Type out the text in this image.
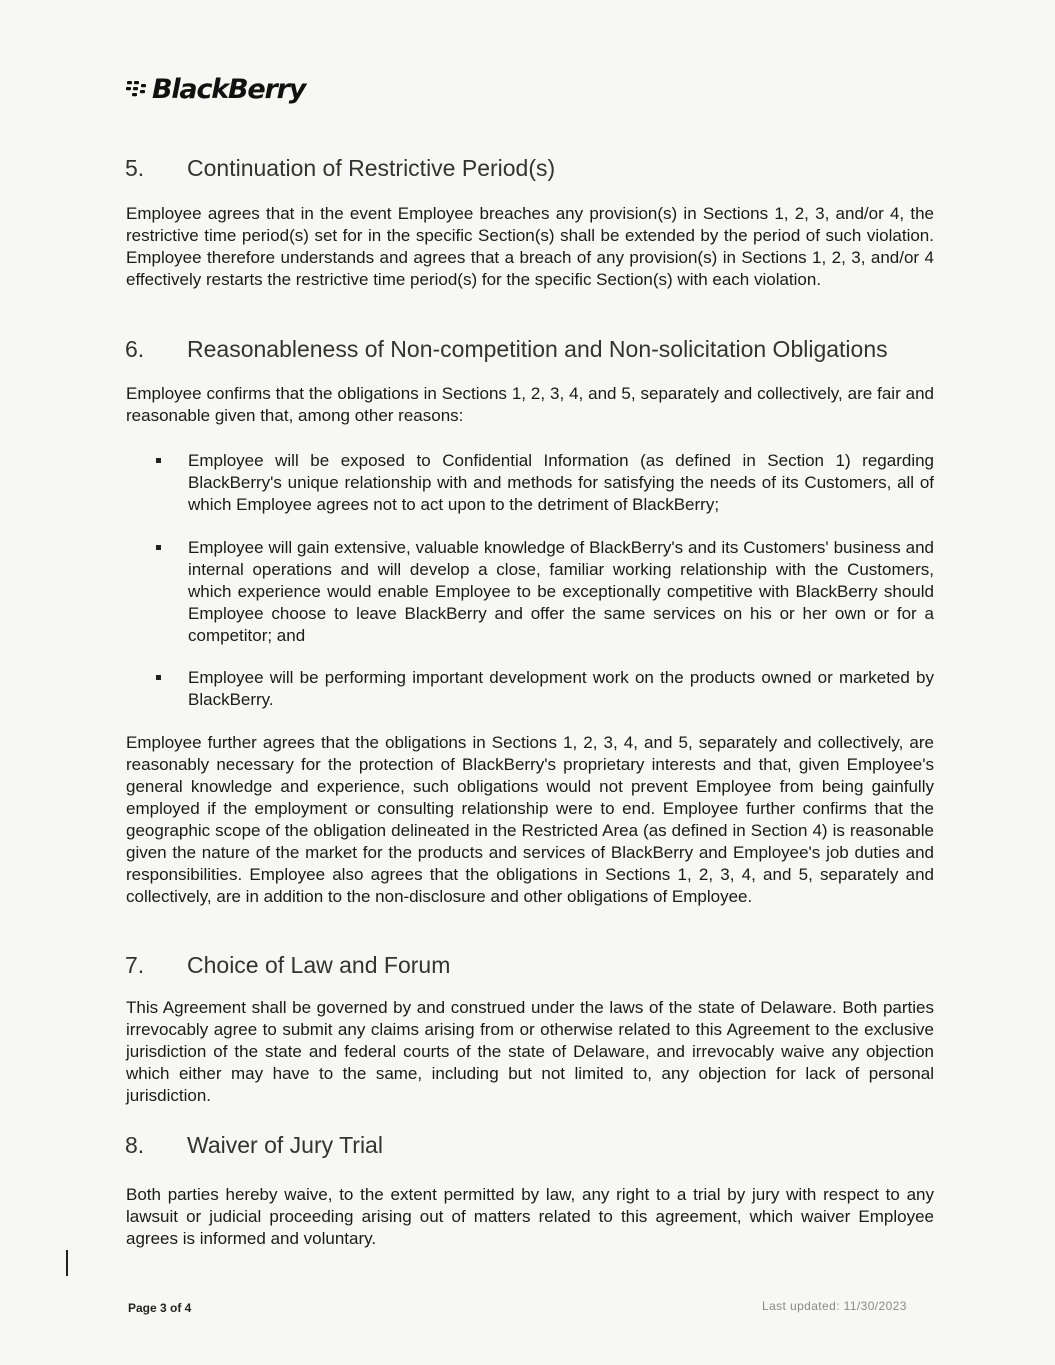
BlackBerry
5.	Continuation of Restrictive Period(s)

Employee agrees that in the event Employee breaches any provision(s) in Sections 1, 2, 3, and/or 4, the restrictive time period(s) set for in the specific Section(s) shall be extended by the period of such violation. Employee therefore understands and agrees that a breach of any provision(s) in Sections 1, 2, 3, and/or 4 effectively restarts the restrictive time period(s) for the specific Section(s) with each violation.

6.	Reasonableness of Non-competition and Non-solicitation Obligations

Employee confirms that the obligations in Sections 1, 2, 3, 4, and 5, separately and collectively, are fair and reasonable given that, among other reasons:

Employee will be exposed to Confidential Information (as defined in Section 1) regarding BlackBerry's unique relationship with and methods for satisfying the needs of its Customers, all of which Employee agrees not to act upon to the detriment of BlackBerry;
Employee will gain extensive, valuable knowledge of BlackBerry's and its Customers' business and internal operations and will develop a close, familiar working relationship with the Customers, which experience would enable Employee to be exceptionally competitive with BlackBerry should Employee choose to leave BlackBerry and offer the same services on his or her own or for a competitor; and
Employee will be performing important development work on the products owned or marketed by BlackBerry.

Employee further agrees that the obligations in Sections 1, 2, 3, 4, and 5, separately and collectively, are reasonably necessary for the protection of BlackBerry's proprietary interests and that, given Employee's general knowledge and experience, such obligations would not prevent Employee from being gainfully employed if the employment or consulting relationship were to end. Employee further confirms that the geographic scope of the obligation delineated in the Restricted Area (as defined in Section 4) is reasonable given the nature of the market for the products and services of BlackBerry and Employee's job duties and responsibilities. Employee also agrees that the obligations in Sections 1, 2, 3, 4, and 5, separately and collectively, are in addition to the non-disclosure and other obligations of Employee.

7.	Choice of Law and Forum

This Agreement shall be governed by and construed under the laws of the state of Delaware. Both parties irrevocably agree to submit any claims arising from or otherwise related to this Agreement to the exclusive jurisdiction of the state and federal courts of the state of Delaware, and irrevocably waive any objection which either may have to the same, including but not limited to, any objection for lack of personal jurisdiction.

8.	Waiver of Jury Trial

Both parties hereby waive, to the extent permitted by law, any right to a trial by jury with respect to any lawsuit or judicial proceeding arising out of matters related to this agreement, which waiver Employee agrees is informed and voluntary.

Page 3 of 4	Last updated: 11/30/2023
